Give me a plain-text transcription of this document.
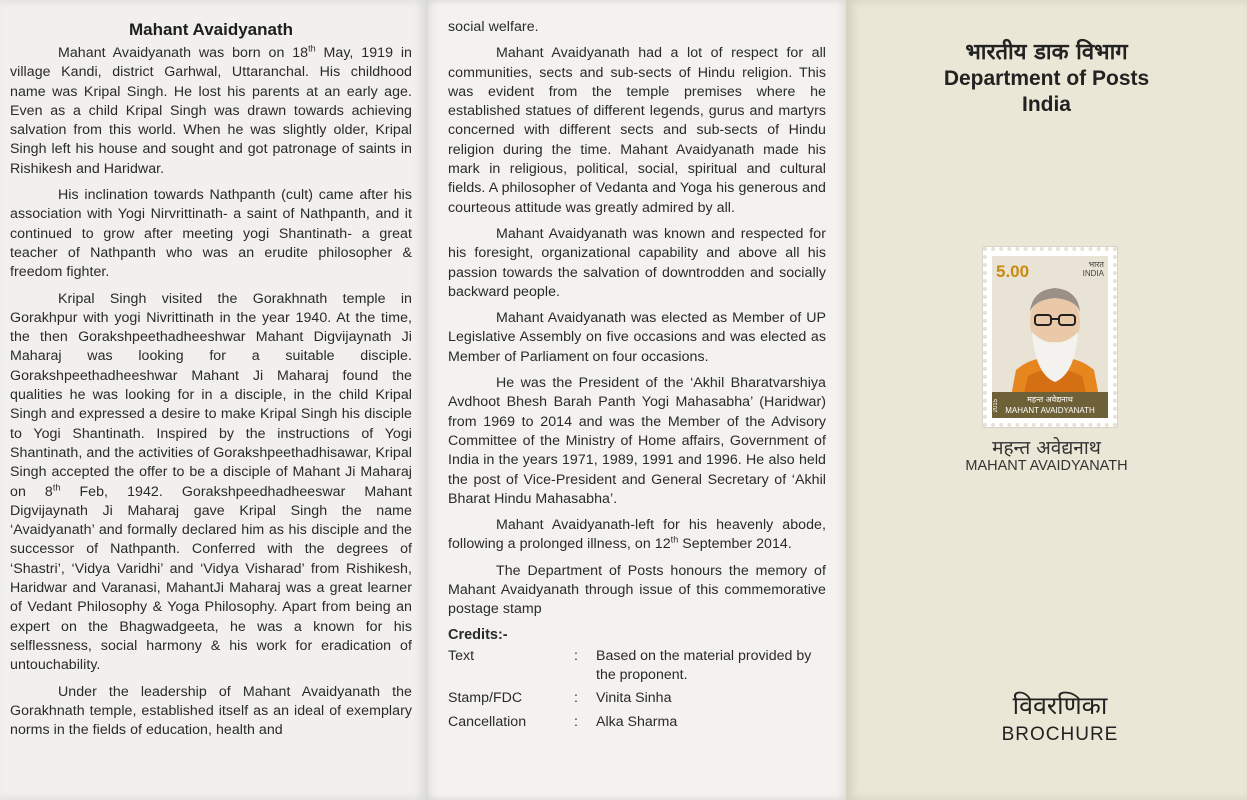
Mahant Avaidyanath

Mahant Avaidyanath was born on 18th May, 1919 in village Kandi, district Garhwal, Uttaranchal. His childhood name was Kripal Singh. He lost his parents at an early age. Even as a child Kripal Singh was drawn towards achieving salvation from this world. When he was slightly older, Kripal Singh left his house and sought and got patronage of saints in Rishikesh and Haridwar.

His inclination towards Nathpanth (cult) came after his association with Yogi Nirvrittinath- a saint of Nathpanth, and it continued to grow after meeting yogi Shantinath- a great teacher of Nathpanth who was an erudite philosopher & freedom fighter.

Kripal Singh visited the Gorakhnath temple in Gorakhpur with yogi Nivrittinath in the year 1940. At the time, the then Gorakshpeethadheeshwar Mahant Digvijaynath Ji Maharaj was looking for a suitable disciple. Gorakshpeethadheeshwar Mahant Ji Maharaj found the qualities he was looking for in a disciple, in the child Kripal Singh and expressed a desire to make Kripal Singh his disciple to Yogi Shantinath. Inspired by the instructions of Yogi Shantinath, and the activities of Gorakshpeethadhisawar, Kripal Singh accepted the offer to be a disciple of Mahant Ji Maharaj on 8th Feb, 1942. Gorakshpeedhadheeswar Mahant Digvijaynath Ji Maharaj gave Kripal Singh the name ‘Avaidyanath’ and formally declared him as his disciple and the successor of Nathpanth. Conferred with the degrees of ‘Shastri’, ‘Vidya Varidhi’ and ‘Vidya Visharad’ from Rishikesh, Haridwar and Varanasi, MahantJi Maharaj was a great learner of Vedant Philosophy & Yoga Philosophy. Apart from being an expert on the Bhagwadgeeta, he was a known for his selflessness, social harmony & his work for eradication of untouchability.

Under the leadership of Mahant Avaidyanath the Gorakhnath temple, established itself as an ideal of exemplary norms in the fields of education, health and

social welfare.

Mahant Avaidyanath had a lot of respect for all communities, sects and sub-sects of Hindu religion. This was evident from the temple premises where he established statues of different legends, gurus and martyrs concerned with different sects and sub-sects of Hindu religion during the time. Mahant Avaidyanath made his mark in religious, political, social, spiritual and cultural fields. A philosopher of Vedanta and Yoga his generous and courteous attitude was greatly admired by all.

Mahant Avaidyanath was known and respected for his foresight, organizational capability and above all his passion towards the salvation of downtrodden and socially backward people.

Mahant Avaidyanath was elected as Member of UP Legislative Assembly on five occasions and was elected as Member of Parliament on four occasions.

He was the President of the ‘Akhil Bharatvarshiya Avdhoot Bhesh Barah Panth Yogi Mahasabha’ (Haridwar) from 1969 to 2014 and was the Member of the Advisory Committee of the Ministry of Home affairs, Government of India in the years 1971, 1989, 1991 and 1996. He also held the post of Vice-President and General Secretary of ‘Akhil Bharat Hindu Mahasabha’.

Mahant Avaidyanath-left for his heavenly abode, following a prolonged illness, on 12th September 2014.

The Department of Posts honours the memory of Mahant Avaidyanath through issue of this commemorative postage stamp

Credits:-
Text	:	Based on the material provided by the proponent.
Stamp/FDC	:	Vinita Sinha
Cancellation	:	Alka Sharma
भारतीय डाक विभाग
Department of Posts
India
5.00	भारत
INDIA
महन्त अवेद्यनाथ
MAHANT AVAIDYANATH
2015
महन्त अवेद्यनाथ
MAHANT AVAIDYANATH
विवरणिका
BROCHURE
